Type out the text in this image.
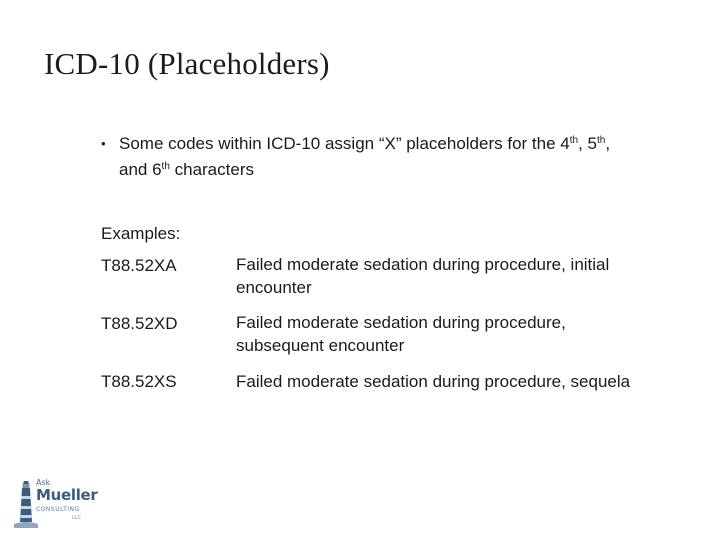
ICD-10 (Placeholders)
• Some codes within ICD-10 assign “X” placeholders for the 4th, 5th,
and 6th characters
Examples:
T88.52XA	Failed moderate sedation during procedure, initial
encounter
T88.52XD	Failed moderate sedation during procedure,
subsequent encounter
T88.52XS	Failed moderate sedation during procedure, sequela
Ask
Mueller
CONSULTING
LLC
